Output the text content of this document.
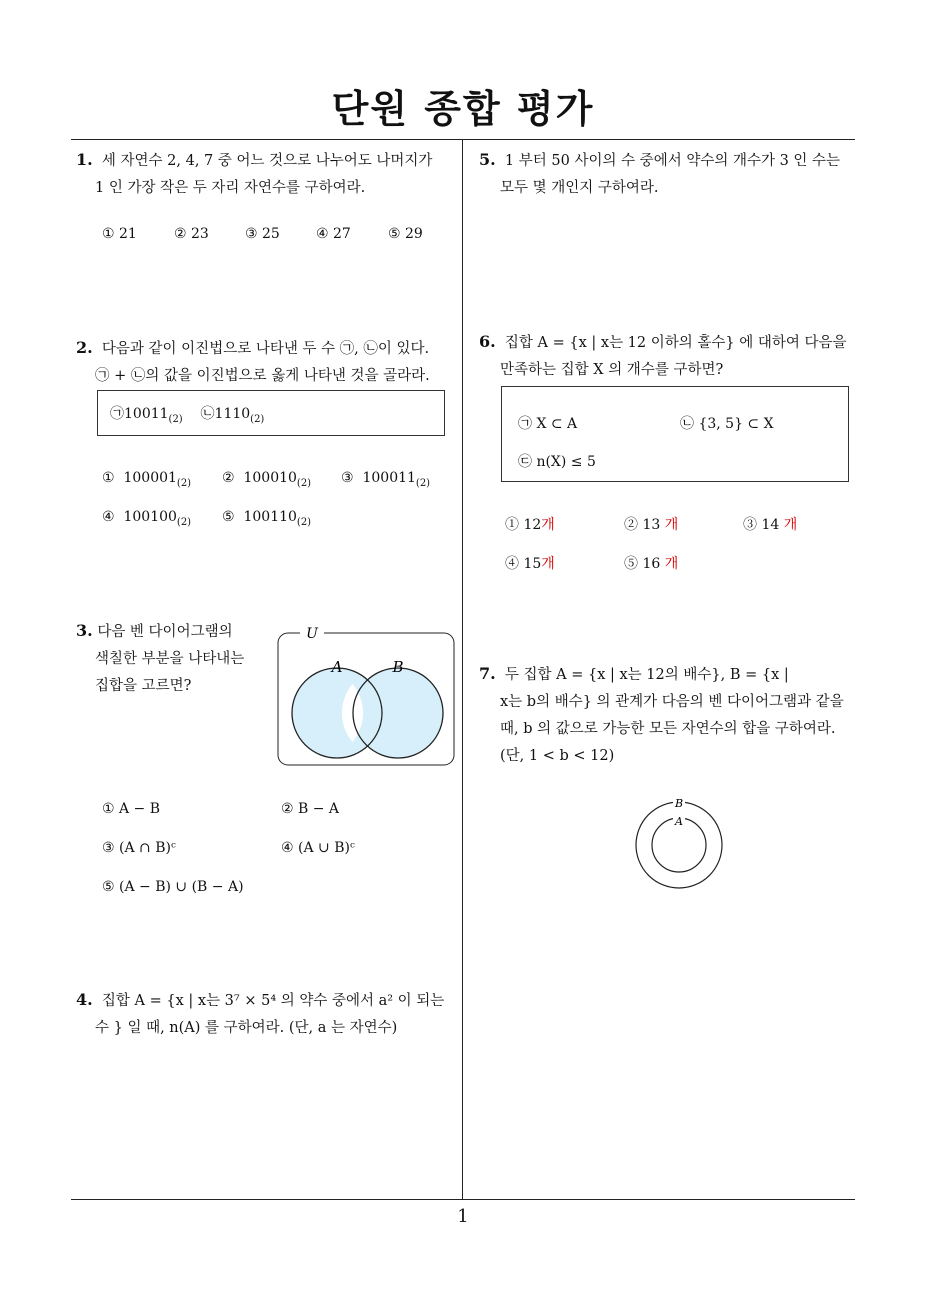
단원 종합 평가
1
1. 세 자연수 2, 4, 7 중 어느 것으로 나누어도 나머지가
1 인 가장 작은 두 자리 자연수를 구하여라.
① 21	② 23	③ 25	④ 27	⑤ 29
2. 다음과 같이 이진법으로 나타낸 두 수 ㉠, ㉡이 있다.
㉠ + ㉡의 값을 이진법으로 옳게 나타낸 것을 골라라.
$㉠10011_{(2)}$ $㉡1110_{(2)}$
① $100001_{(2)}$ ② $100010_{(2)}$ ③ $100011_{(2)}$
④ $100100_{(2)}$ ⑤ $100110_{(2)}$
3. 다음 벤 다이어그램의
색칠한 부분을 나타내는
집합을 고르면?
U
A	B
① A − B	② B − A
③ (A ∩ B)ᶜ	④ (A ∪ B)ᶜ
⑤ (A − B) ∪ (B − A)
4. 집합 A = {x | x는 3⁷ × 5⁴ 의 약수 중에서 a² 이 되는
수 } 일 때, n(A) 를 구하여라. (단, a 는 자연수)
5. 1 부터 50 사이의 수 중에서 약수의 개수가 3 인 수는
모두 몇 개인지 구하여라.
6. 집합 A = {x | x는 12 이하의 홀수} 에 대하여 다음을
만족하는 집합 X 의 개수를 구하면?
㉠ X ⊂ A	㉡ {3, 5} ⊂ X
㉢ n(X) ≤ 5
① 12개	② 13 개	③ 14 개
④ 15개	⑤ 16 개
7. 두 집합 A = {x | x는 12의 배수}, B = {x |
x는 b의 배수} 의 관계가 다음의 벤 다이어그램과 같을
때, b 의 값으로 가능한 모든 자연수의 합을 구하여라.
(단, 1 < b < 12)
B
A
